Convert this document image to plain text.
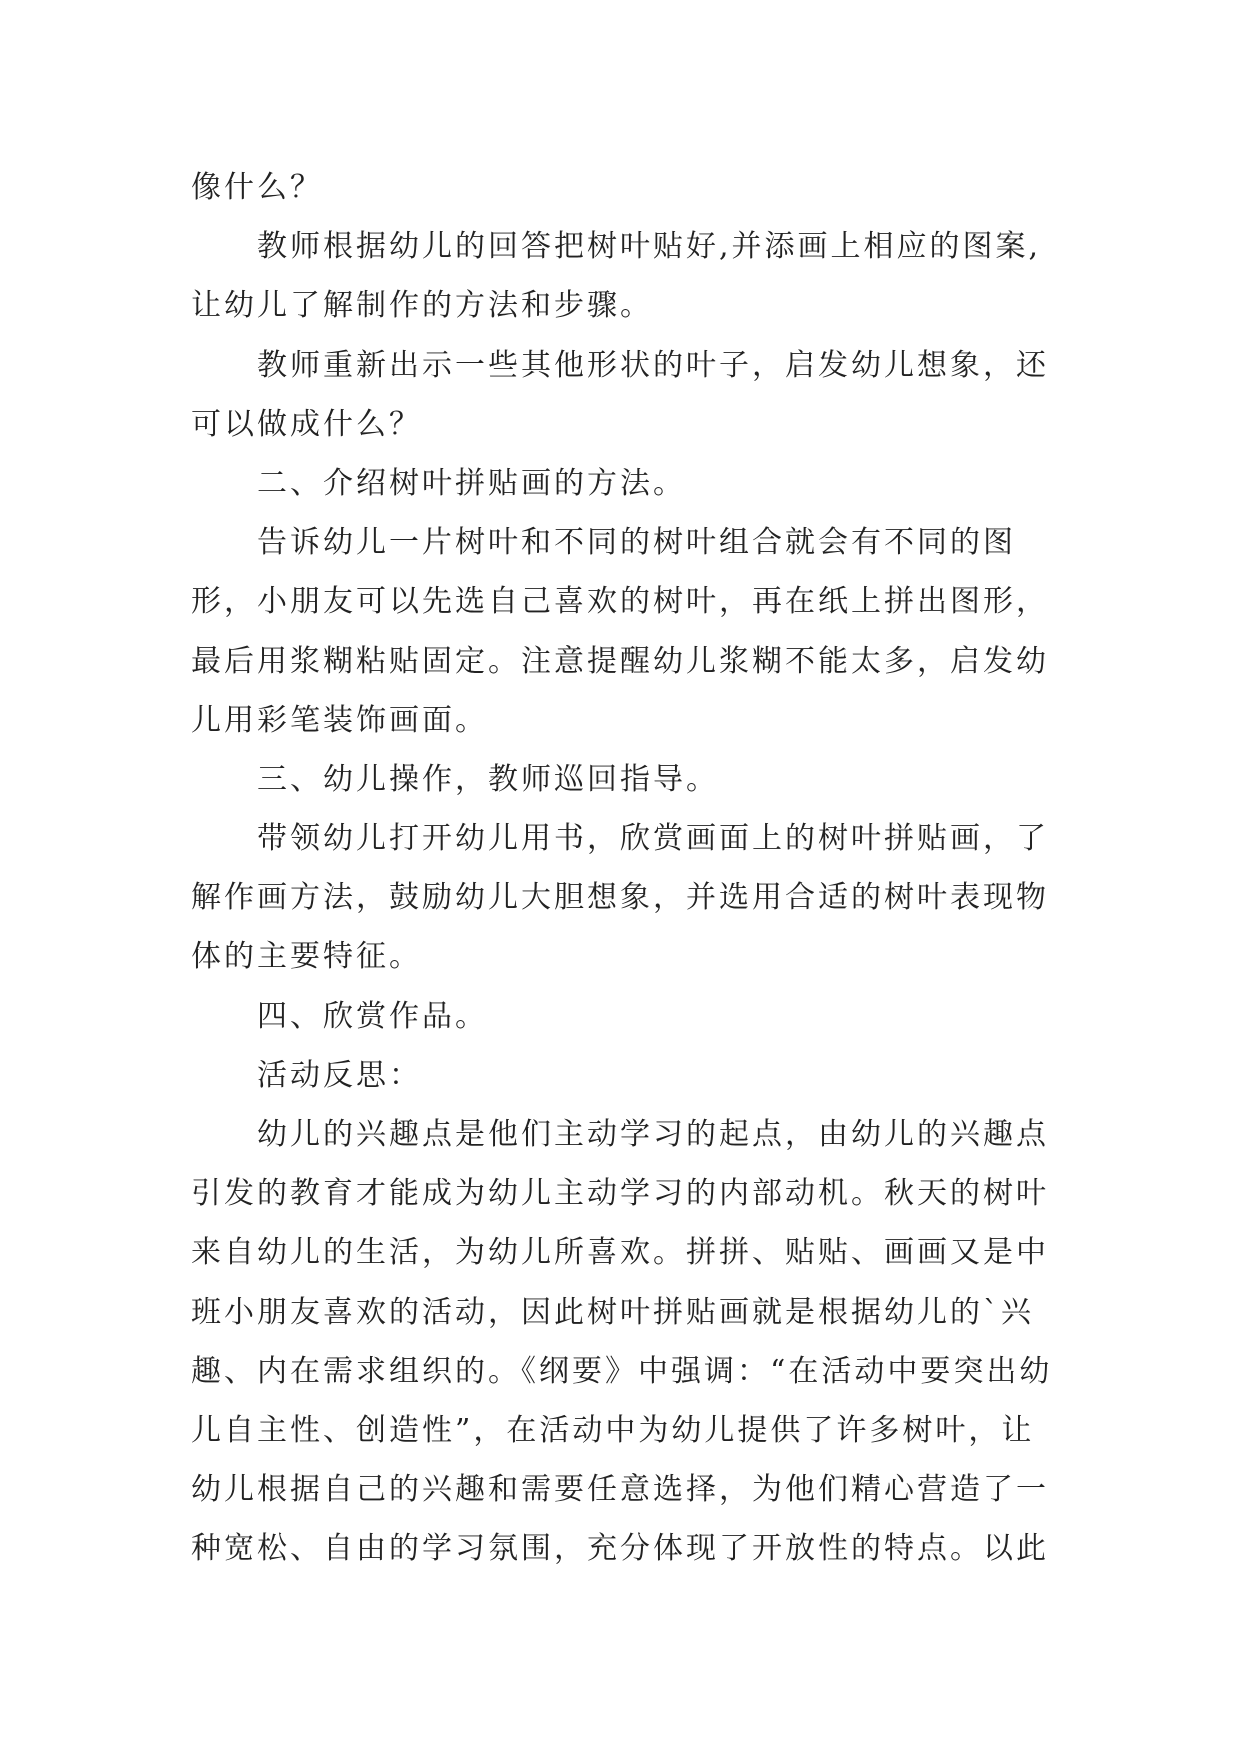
像什么？
教师根据幼儿的回答把树叶贴好,并添画上相应的图案,
让幼儿了解制作的方法和步骤。
教师重新出示一些其他形状的叶子，启发幼儿想象，还
可以做成什么？
二、介绍树叶拼贴画的方法。
告诉幼儿一片树叶和不同的树叶组合就会有不同的图
形，小朋友可以先选自己喜欢的树叶，再在纸上拼出图形，
最后用浆糊粘贴固定。注意提醒幼儿浆糊不能太多，启发幼
儿用彩笔装饰画面。
三、幼儿操作，教师巡回指导。
带领幼儿打开幼儿用书，欣赏画面上的树叶拼贴画，了
解作画方法，鼓励幼儿大胆想象，并选用合适的树叶表现物
体的主要特征。
四、欣赏作品。
活动反思：
幼儿的兴趣点是他们主动学习的起点，由幼儿的兴趣点
引发的教育才能成为幼儿主动学习的内部动机。秋天的树叶
来自幼儿的生活，为幼儿所喜欢。拼拼、贴贴、画画又是中
班小朋友喜欢的活动，因此树叶拼贴画就是根据幼儿的`兴
趣、内在需求组织的。《纲要》中强调：“在活动中要突出幼
儿自主性、创造性”，在活动中为幼儿提供了许多树叶，让
幼儿根据自己的兴趣和需要任意选择，为他们精心营造了一
种宽松、自由的学习氛围，充分体现了开放性的特点。以此
